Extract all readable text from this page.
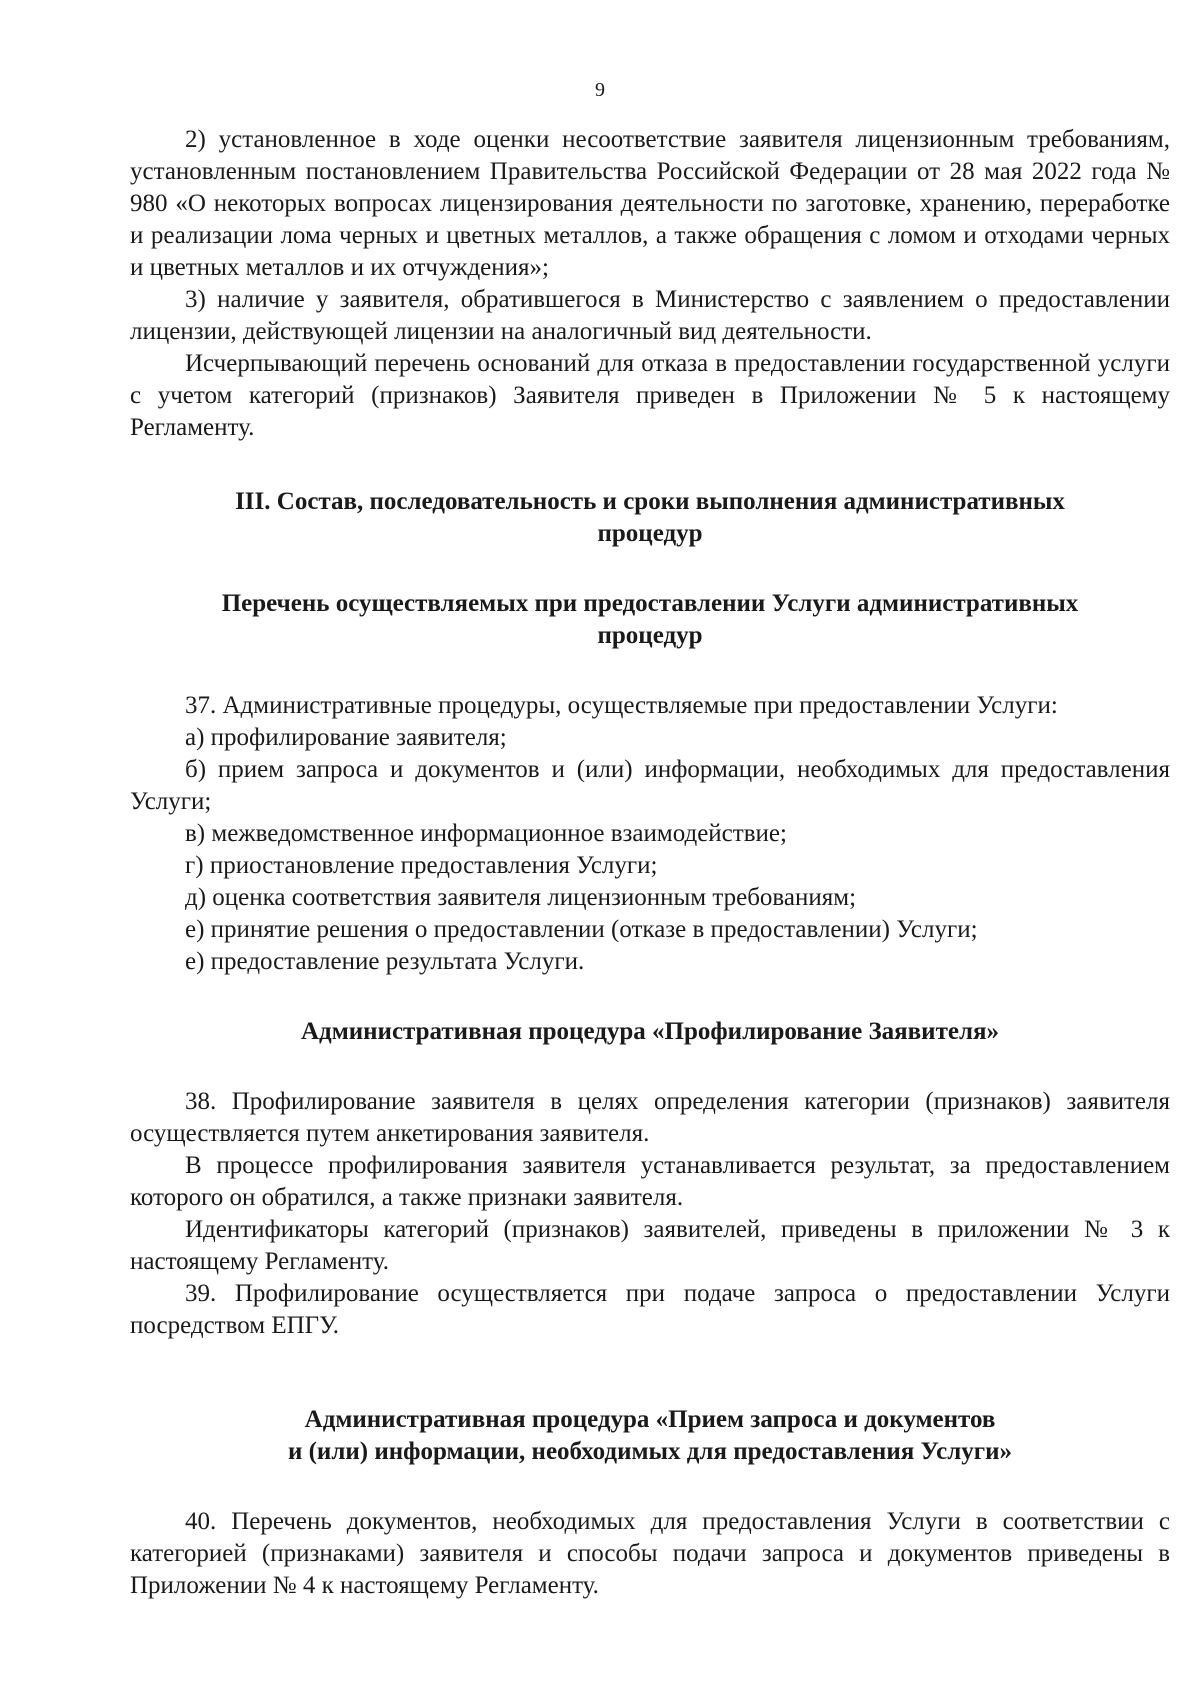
9

2) установленное в ходе оценки несоответствие заявителя лицензионным требованиям, установленным постановлением Правительства Российской Федерации от 28 мая 2022 года № 980 «О некоторых вопросах лицензирования деятельности по заготовке, хранению, переработке и реализации лома черных и цветных металлов, а также обращения с ломом и отходами черных и цветных металлов и их отчуждения»;

3) наличие у заявителя, обратившегося в Министерство с заявлением о предоставлении лицензии, действующей лицензии на аналогичный вид деятельности.

Исчерпывающий перечень оснований для отказа в предоставлении государственной услуги с учетом категорий (признаков) Заявителя приведен в Приложении № 5 к настоящему Регламенту.

III. Состав, последовательность и сроки выполнения административных процедур
Перечень осуществляемых при предоставлении Услуги административных процедур

37. Административные процедуры, осуществляемые при предоставлении Услуги:

а) профилирование заявителя;

б) прием запроса и документов и (или) информации, необходимых для предоставления Услуги;

в) межведомственное информационное взаимодействие;

г) приостановление предоставления Услуги;

д) оценка соответствия заявителя лицензионным требованиям;

е) принятие решения о предоставлении (отказе в предоставлении) Услуги;

е) предоставление результата Услуги.

Административная процедура «Профилирование Заявителя»

38. Профилирование заявителя в целях определения категории (признаков) заявителя осуществляется путем анкетирования заявителя.

В процессе профилирования заявителя устанавливается результат, за предоставлением которого он обратился, а также признаки заявителя.

Идентификаторы категорий (признаков) заявителей, приведены в приложении № 3 к настоящему Регламенту.

39. Профилирование осуществляется при подаче запроса о предоставлении Услуги посредством ЕПГУ.

Административная процедура «Прием запроса и документов
и (или) информации, необходимых для предоставления Услуги»

40. Перечень документов, необходимых для предоставления Услуги в соответствии с категорией (признаками) заявителя и способы подачи запроса и документов приведены в Приложении № 4 к настоящему Регламенту.
